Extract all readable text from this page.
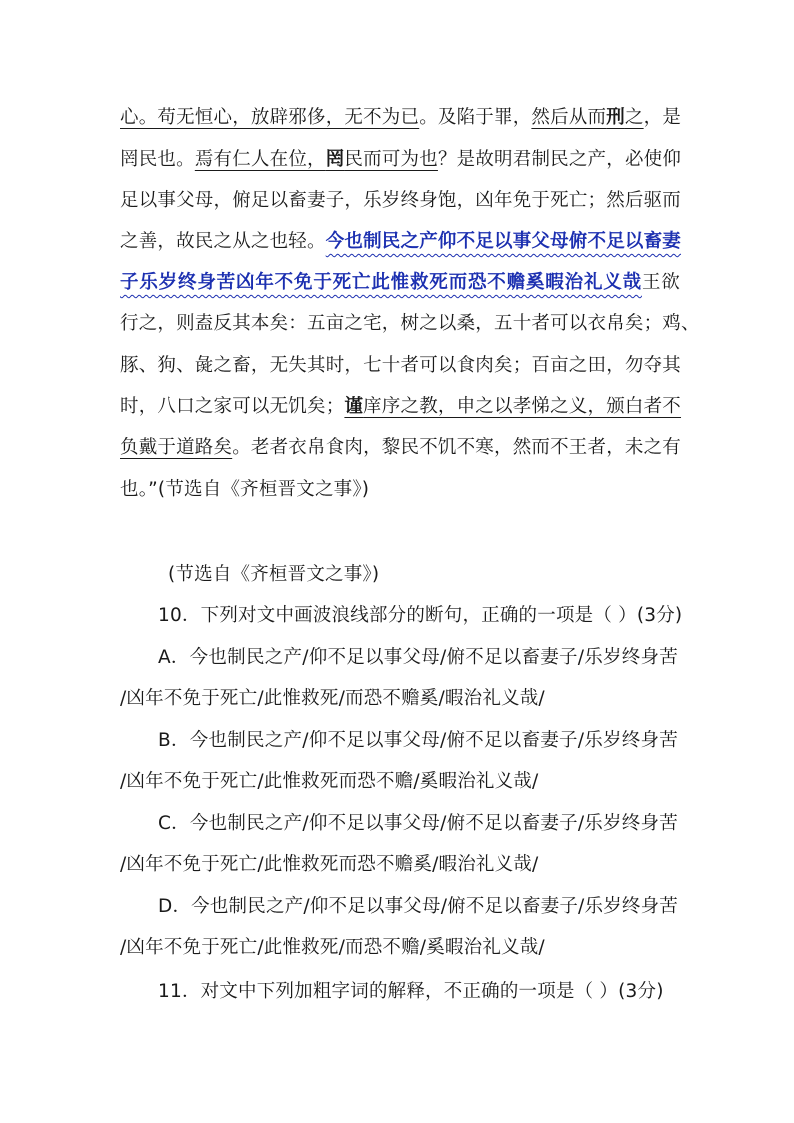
心。苟无恒心，放辟邪侈，无不为已。及陷于罪，然后从而刑之，是
罔民也。焉有仁人在位，罔民而可为也？是故明君制民之产，必使仰
足以事父母，俯足以畜妻子，乐岁终身饱，凶年免于死亡；然后驱而
之善，故民之从之也轻。今也制民之产仰不足以事父母俯不足以畜妻
子乐岁终身苦凶年不免于死亡此惟救死而恐不赡奚暇治礼义哉王欲
行之，则盍反其本矣：五亩之宅，树之以桑，五十者可以衣帛矣；鸡、
豚、狗、彘之畜，无失其时，七十者可以食肉矣；百亩之田，勿夺其
时，八口之家可以无饥矣；谨庠序之教，申之以孝悌之义，颁白者不
负戴于道路矣。老者衣帛食肉，黎民不饥不寒，然而不王者，未之有
也。”(节选自《齐桓晋文之事》)
(节选自《齐桓晋文之事》)
10．下列对文中画波浪线部分的断句，正确的一项是（ ）(3分)
A．今也制民之产/仰不足以事父母/俯不足以畜妻子/乐岁终身苦
/凶年不免于死亡/此惟救死/而恐不赡奚/暇治礼义哉/
B．今也制民之产/仰不足以事父母/俯不足以畜妻子/乐岁终身苦
/凶年不免于死亡/此惟救死而恐不赡/奚暇治礼义哉/
C．今也制民之产/仰不足以事父母/俯不足以畜妻子/乐岁终身苦
/凶年不免于死亡/此惟救死而恐不赡奚/暇治礼义哉/
D．今也制民之产/仰不足以事父母/俯不足以畜妻子/乐岁终身苦
/凶年不免于死亡/此惟救死/而恐不赡/奚暇治礼义哉/
11．对文中下列加粗字词的解释，不正确的一项是（ ）(3分)
